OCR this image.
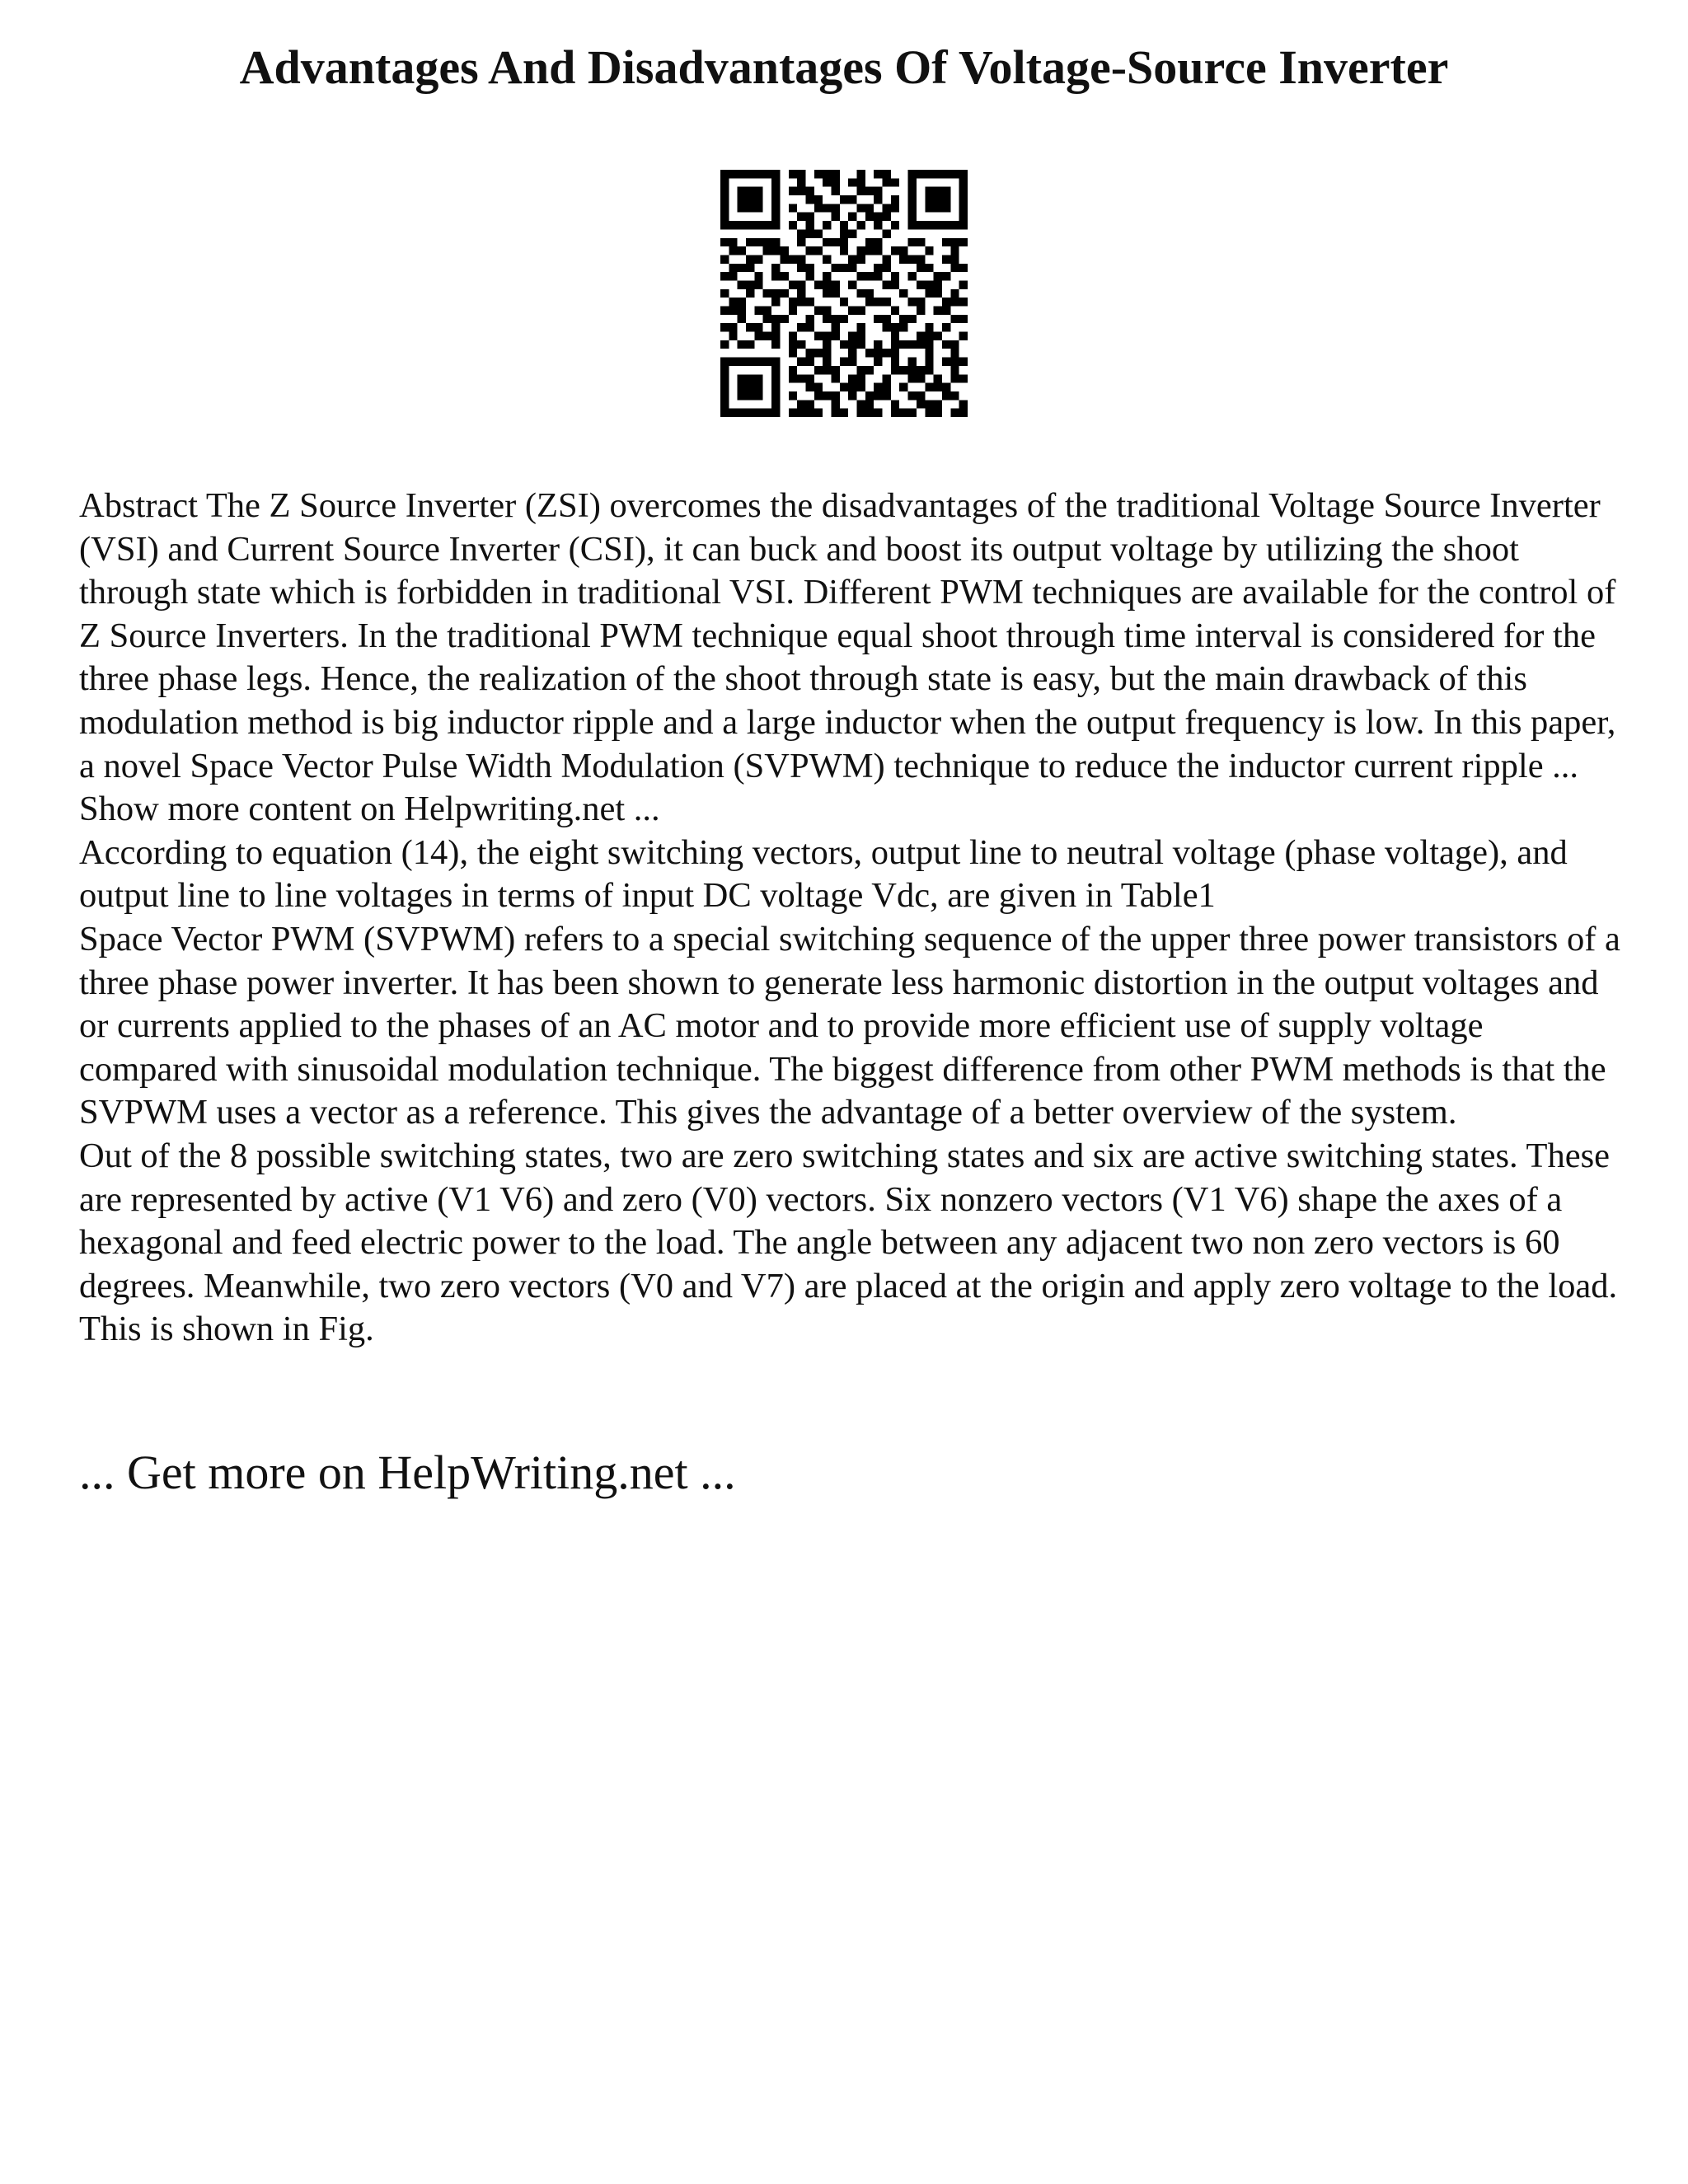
Advantages And Disadvantages Of Voltage-Source Inverter

Abstract The Z Source Inverter (ZSI) overcomes the disadvantages of the traditional Voltage Source Inverter (VSI) and Current Source Inverter (CSI), it can buck and boost its output voltage by utilizing the shoot through state which is forbidden in traditional VSI. Different PWM techniques are available for the control of Z Source Inverters. In the traditional PWM technique equal shoot through time interval is considered for the three phase legs. Hence, the realization of the shoot through state is easy, but the main drawback of this modulation method is big inductor ripple and a large inductor when the output frequency is low. In this paper, a novel Space Vector Pulse Width Modulation (SVPWM) technique to reduce the inductor current ripple ... Show more content on Helpwriting.net ...

According to equation (14), the eight switching vectors, output line to neutral voltage (phase voltage), and output line to line voltages in terms of input DC voltage Vdc, are given in Table1

Space Vector PWM (SVPWM) refers to a special switching sequence of the upper three power transistors of a three phase power inverter. It has been shown to generate less harmonic distortion in the output voltages and or currents applied to the phases of an AC motor and to provide more efficient use of supply voltage compared with sinusoidal modulation technique. The biggest difference from other PWM methods is that the SVPWM uses a vector as a reference. This gives the advantage of a better overview of the system.

Out of the 8 possible switching states, two are zero switching states and six are active switching states. These are represented by active (V1 V6) and zero (V0) vectors. Six nonzero vectors (V1 V6) shape the axes of a hexagonal and feed electric power to the load. The angle between any adjacent two non zero vectors is 60 degrees. Meanwhile, two zero vectors (V0 and V7) are placed at the origin and apply zero voltage to the load. This is shown in Fig.

... Get more on HelpWriting.net ...
